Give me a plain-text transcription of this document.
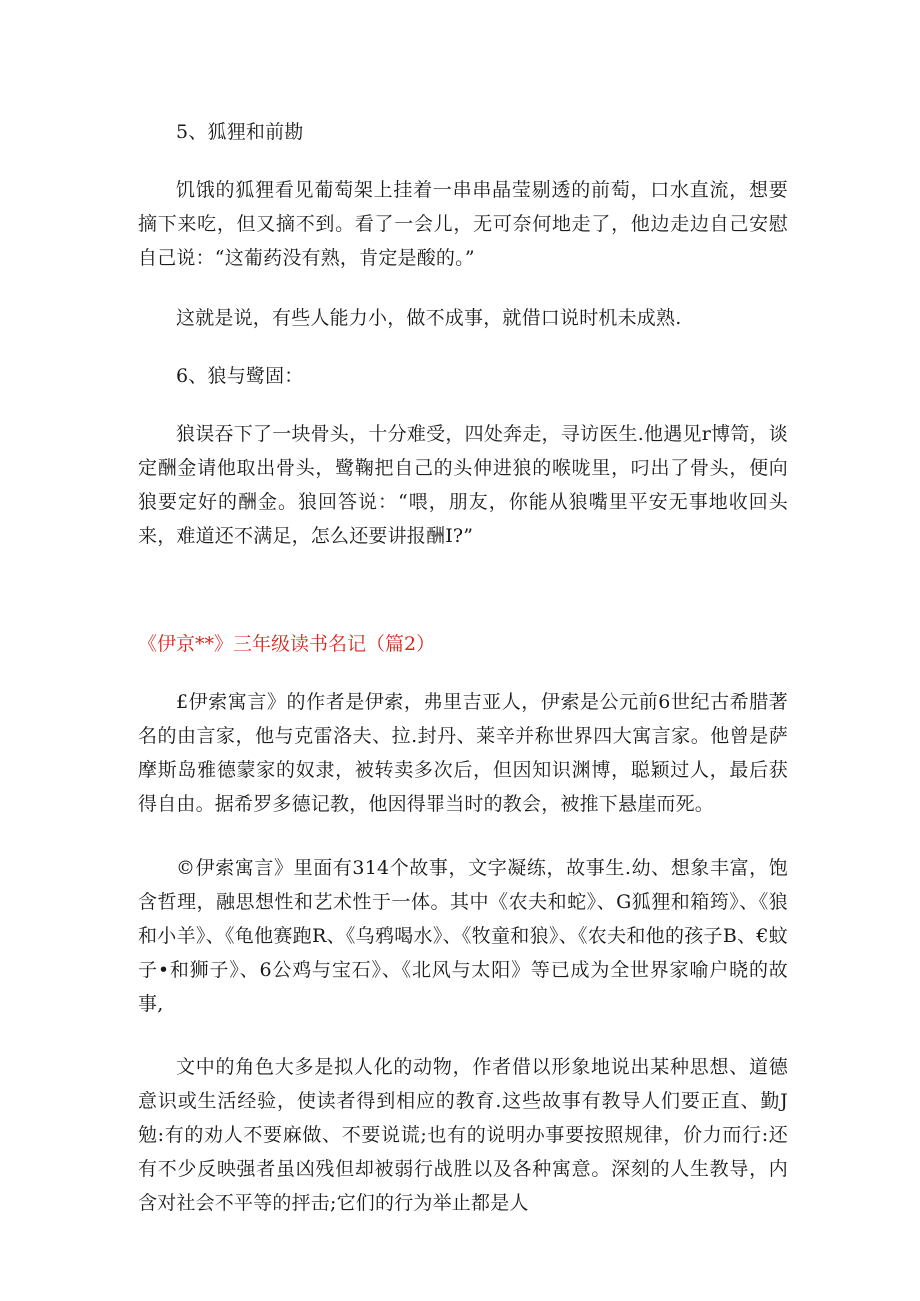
5、狐狸和前勘

饥饿的狐狸看见葡萄架上挂着一串串晶莹剔透的前萄，口水直流，想要摘下来吃，但又摘不到。看了一会儿，无可奈何地走了，他边走边自己安慰自己说：“这葡药没有熟，肯定是酸的。”

这就是说，有些人能力小，做不成事，就借口说时机未成熟.

6、狼与鹭固：

狼误吞下了一块骨头，十分难受，四处奔走，寻访医生.他遇见r博笥，谈定酬金请他取出骨头，鹭鞠把自己的头伸进狼的喉咙里，叼出了骨头，便向狼要定好的酬金。狼回答说：“喂，朋友，你能从狼嘴里平安无事地收回头来，难道还不满足，怎么还要讲报酬I?”

《伊京**》三年级读书名记（篇2）

£伊索寓言》的作者是伊索，弗里吉亚人，伊索是公元前6世纪古希腊著名的由言家，他与克雷洛夫、拉.封丹、莱辛并称世界四大寓言家。他曾是萨摩斯岛雅德蒙家的奴隶，被转卖多次后，但因知识渊博，聪颖过人，最后获得自由。据希罗多德记教，他因得罪当时的教会，被推下悬崖而死。

©伊索寓言》里面有314个故事，文字凝练，故事生.幼、想象丰富，饱含哲理，融思想性和艺术性于一体。其中《农夫和蛇》、G狐狸和箱筠》、《狼和小羊》、《龟他赛跑R、《乌鸦喝水》、《牧童和狼》、《农夫和他的孩子B、€蚊子•和狮子》、6公鸡与宝石》、《北风与太阳》等已成为全世界家喻户晓的故事,

文中的角色大多是拟人化的动物，作者借以形象地说出某种思想、道德意识或生活经验，使读者得到相应的教育.这些故事有教导人们要正直、勤J勉:有的劝人不要麻做、不要说谎;也有的说明办事要按照规律，价力而行:还有不少反映强者虽凶残但却被弱行战胜以及各种寓意。深刻的人生教导，内含对社会不平等的抨击;它们的行为举止都是人
